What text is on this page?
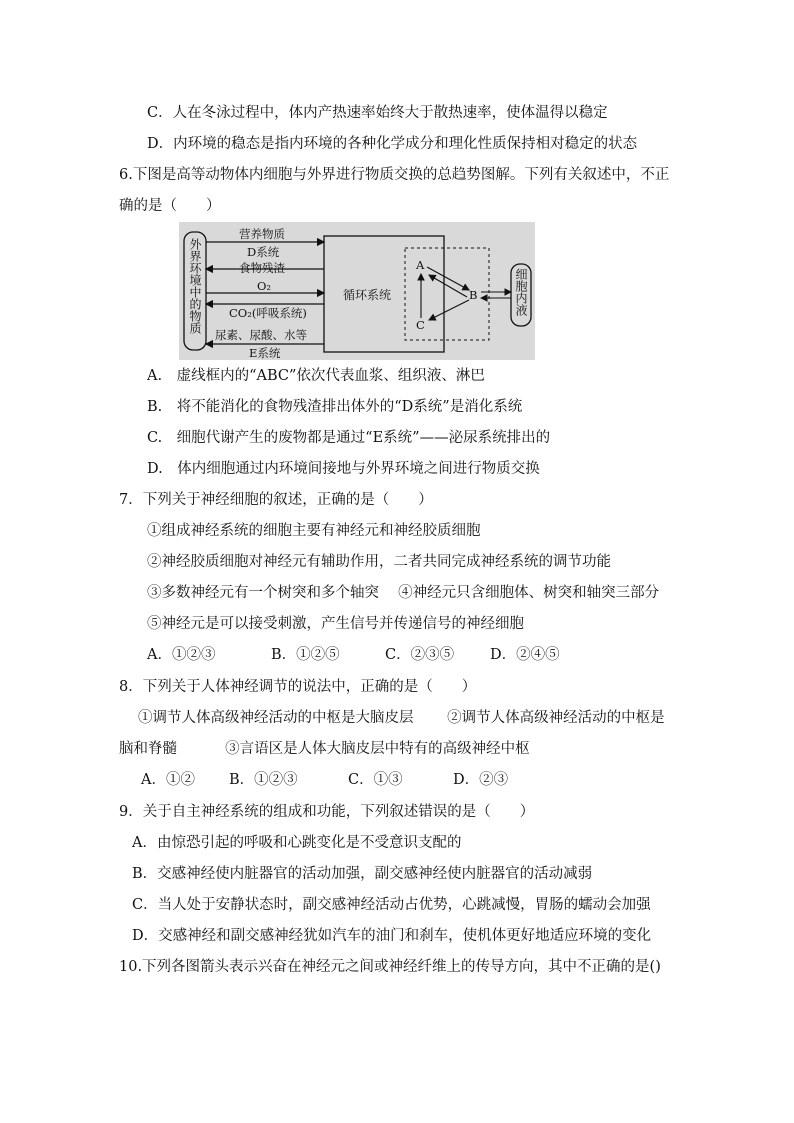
C．人在冬泳过程中，体内产热速率始终大于散热速率，使体温得以稳定
D．内环境的稳态是指内环境的各种化学成分和理化性质保持相对稳定的状态
6.下图是高等动物体内细胞与外界进行物质交换的总趋势图解。下列有关叙述中，不正
确的是（　　）
外界环境中的物质	细胞内液
营养物质
D系统
食物残渣
O₂
CO₂(呼吸系统)
尿素、尿酸、水等
E系统
循环系统
A
B
C
A.　虚线框内的“ABC”依次代表血浆、组织液、淋巴
B.　将不能消化的食物残渣排出体外的“D系统”是消化系统
C.　细胞代谢产生的废物都是通过“E系统”——泌尿系统排出的
D.　体内细胞通过内环境间接地与外界环境之间进行物质交换
7．下列关于神经细胞的叙述，正确的是（　　）
①组成神经系统的细胞主要有神经元和神经胶质细胞
②神经胶质细胞对神经元有辅助作用，二者共同完成神经系统的调节功能
③多数神经元有一个树突和多个轴突　 ④神经元只含细胞体、树突和轴突三部分
⑤神经元是可以接受刺激，产生信号并传递信号的神经细胞
A．①②③	B．①②⑤	C．②③⑤ D．②④⑤
8．下列关于人体神经调节的说法中，正确的是（　　）
①调节人体高级神经活动的中枢是大脑皮层　　 ②调节人体高级神经活动的中枢是
脑和脊髓　　　 ③言语区是人体大脑皮层中特有的高级神经中枢
A．①② B．①②③	C．①③	D．②③
9．关于自主神经系统的组成和功能，下列叙述错误的是（　　）
A．由惊恐引起的呼吸和心跳变化是不受意识支配的
B．交感神经使内脏器官的活动加强，副交感神经使内脏器官的活动减弱
C．当人处于安静状态时，副交感神经活动占优势，心跳减慢，胃肠的蠕动会加强
D．交感神经和副交感神经犹如汽车的油门和刹车，使机体更好地适应环境的变化
10.下列各图箭头表示兴奋在神经元之间或神经纤维上的传导方向，其中不正确的是()
